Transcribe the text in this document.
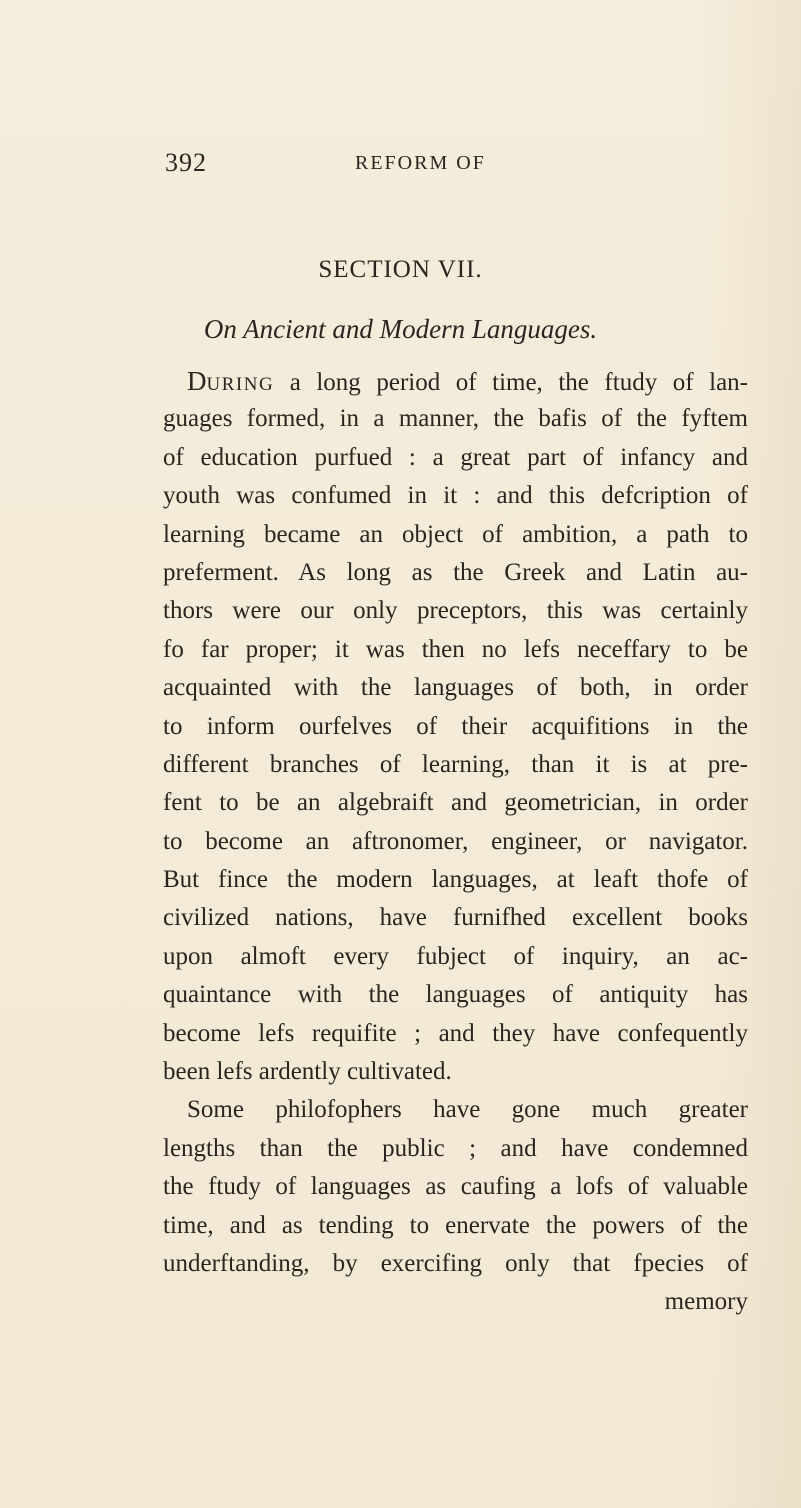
392	REFORM OF
SECTION VII.
On Ancient and Modern Languages.
DURING a long period of time, the ftudy of lan-
guages formed, in a manner, the bafis of the fyftem
of education purfued : a great part of infancy and
youth was confumed in it : and this defcription of
learning became an object of ambition, a path to
preferment. As long as the Greek and Latin au-
thors were our only preceptors, this was certainly
fo far proper; it was then no lefs neceffary to be
acquainted with the languages of both, in order
to inform ourfelves of their acquifitions in the
different branches of learning, than it is at pre-
fent to be an algebraift and geometrician, in order
to become an aftronomer, engineer, or navigator.
But fince the modern languages, at leaft thofe of
civilized nations, have furnifhed excellent books
upon almoft every fubject of inquiry, an ac-
quaintance with the languages of antiquity has
become lefs requifite ; and they have confequently
been lefs ardently cultivated.
Some philofophers have gone much greater
lengths than the public ; and have condemned
the ftudy of languages as caufing a lofs of valuable
time, and as tending to enervate the powers of the
underftanding, by exercifing only that fpecies of
memory
